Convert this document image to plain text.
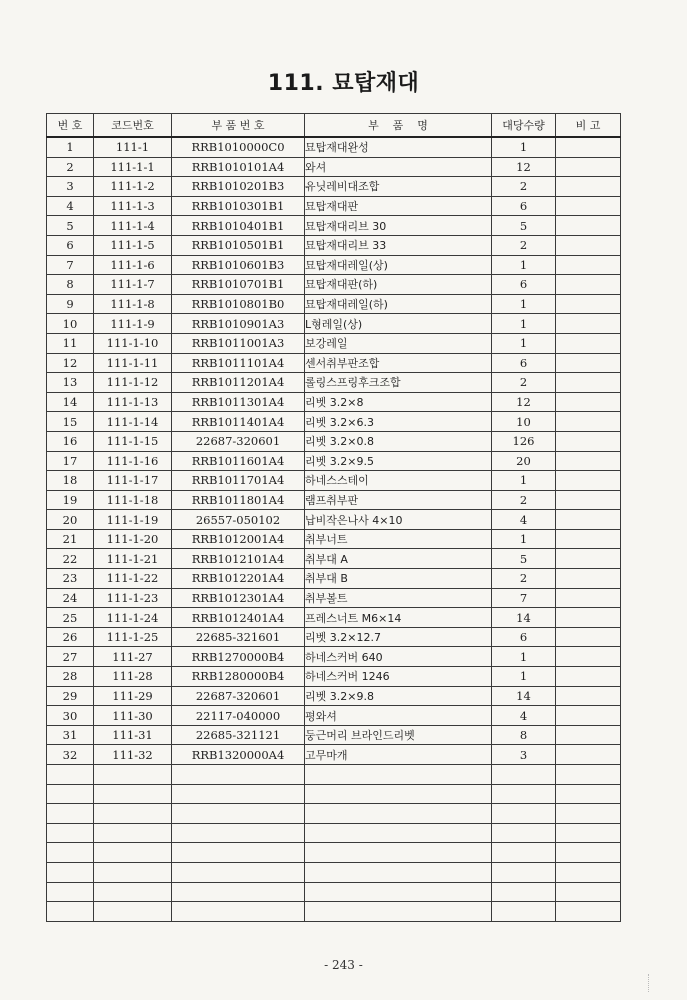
111. 묘탑재대
번 호	코드번호	부 품 번 호	부    품    명	대당수량	비 고
1	111-1	RRB1010000C0	묘탑재대완성	1	
2	111-1-1	RRB1010101A4	와셔	12	
3	111-1-2	RRB1010201B3	유닛레비대조합	2	
4	111-1-3	RRB1010301B1	묘탑재대판	6	
5	111-1-4	RRB1010401B1	묘탑재대리브 30	5	
6	111-1-5	RRB1010501B1	묘탑재대리브 33	2	
7	111-1-6	RRB1010601B3	묘탑재대레일(상)	1	
8	111-1-7	RRB1010701B1	묘탑재대판(하)	6	
9	111-1-8	RRB1010801B0	묘탑재대레일(하)	1	
10	111-1-9	RRB1010901A3	L형레일(상)	1	
11	111-1-10	RRB1011001A3	보강레일	1	
12	111-1-11	RRB1011101A4	센서취부판조합	6	
13	111-1-12	RRB1011201A4	롤링스프링후크조합	2	
14	111-1-13	RRB1011301A4	리벳 3.2×8	12	
15	111-1-14	RRB1011401A4	리벳 3.2×6.3	10	
16	111-1-15	22687-320601	리벳 3.2×0.8	126	
17	111-1-16	RRB1011601A4	리벳 3.2×9.5	20	
18	111-1-17	RRB1011701A4	하네스스테이	1	
19	111-1-18	RRB1011801A4	램프취부판	2	
20	111-1-19	26557-050102	납비작은나사 4×10	4	
21	111-1-20	RRB1012001A4	취부너트	1	
22	111-1-21	RRB1012101A4	취부대 A	5	
23	111-1-22	RRB1012201A4	취부대 B	2	
24	111-1-23	RRB1012301A4	취부볼트	7	
25	111-1-24	RRB1012401A4	프레스너트 M6×14	14	
26	111-1-25	22685-321601	리벳 3.2×12.7	6	
27	111-27	RRB1270000B4	하네스커버 640	1	
28	111-28	RRB1280000B4	하네스커버 1246	1	
29	111-29	22687-320601	리벳 3.2×9.8	14	
30	111-30	22117-040000	평와셔	4	
31	111-31	22685-321121	둥근머리 브라인드리벳	8	
32	111-32	RRB1320000A4	고무마개	3	

- 243 -
